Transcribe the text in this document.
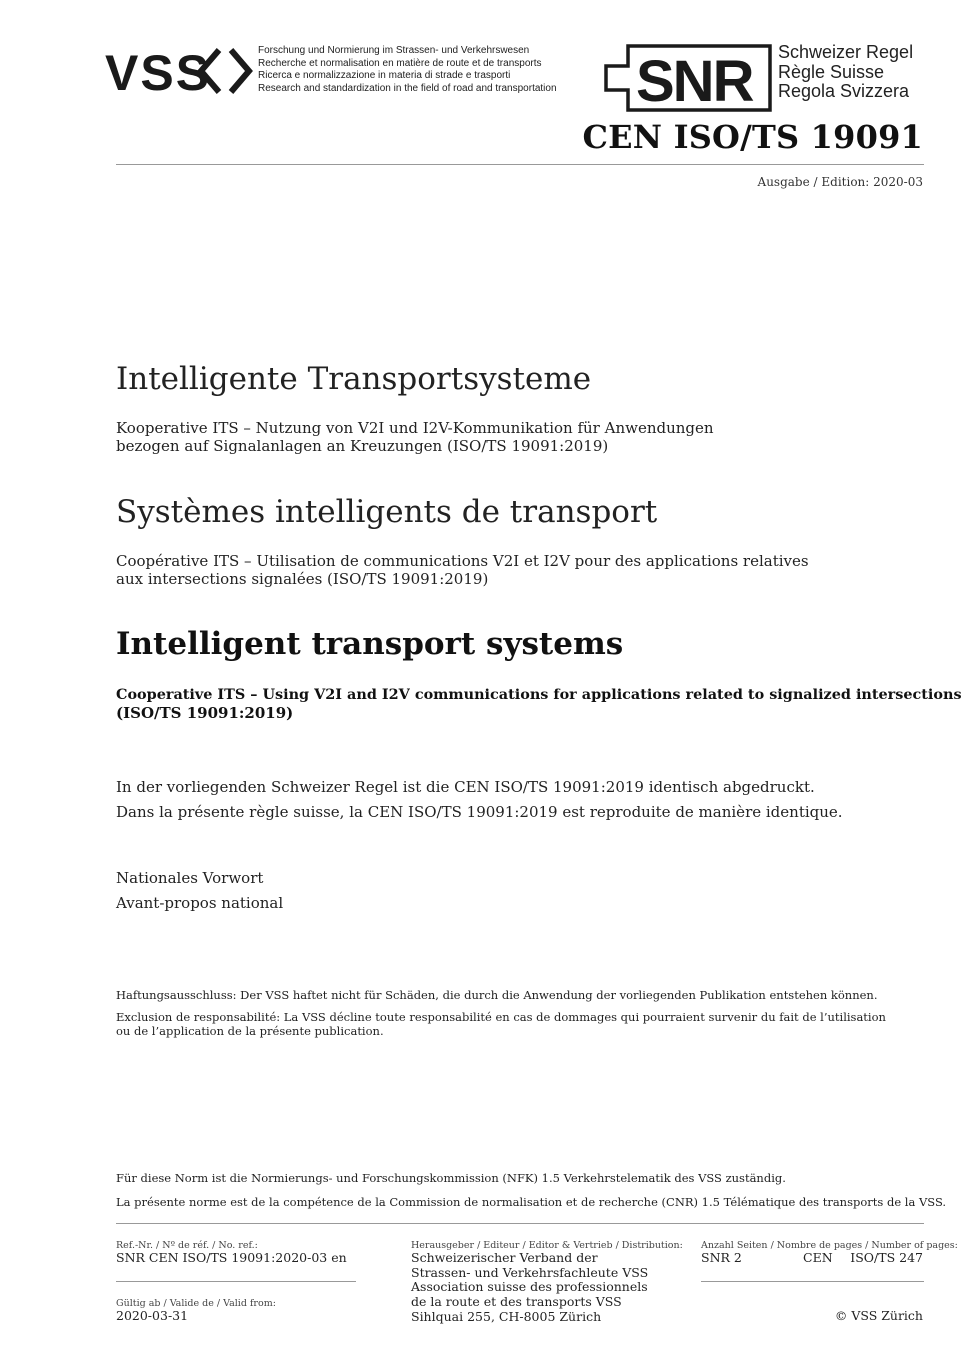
VSS	Forschung und Normierung im Strassen- und Verkehrswesen
Recherche et normalisation en matière de route et de transports
Ricerca e normalizzazione in materia di strade e trasporti
Research and standardization in the field of road and transportation SNR Schweizer Regel
Règle Suisse
Regola Svizzera
CEN ISO/TS 19091
Ausgabe / Edition: 2020-03
Intelligente Transportsysteme
Kooperative ITS – Nutzung von V2I und I2V-Kommunikation für Anwendungen
bezogen auf Signalanlagen an Kreuzungen (ISO/TS 19091:2019)
Systèmes intelligents de transport
Coopérative ITS – Utilisation de communications V2I et I2V pour des applications relatives
aux intersections signalées (ISO/TS 19091:2019)
Intelligent transport systems
Cooperative ITS – Using V2I and I2V communications for applications related to signalized intersections
(ISO/TS 19091:2019)
In der vorliegenden Schweizer Regel ist die CEN ISO/TS 19091:2019 identisch abgedruckt.
Dans la présente règle suisse, la CEN ISO/TS 19091:2019 est reproduite de manière identique.
Nationales Vorwort
Avant-propos national
Haftungsausschluss: Der VSS haftet nicht für Schäden, die durch die Anwendung der vorliegenden Publikation entstehen können.
Exclusion de responsabilité: La VSS décline toute responsabilité en cas de dommages qui pourraient survenir du fait de l’utilisation
ou de l’application de la présente publication.
Für diese Norm ist die Normierungs- und Forschungskommission (NFK) 1.5 Verkehrstelematik des VSS zuständig.
La présente norme est de la compétence de la Commission de normalisation et de recherche (CNR) 1.5 Télématique des transports de la VSS.
Ref.-Nr. / Nº de réf. / No. ref.:
SNR CEN ISO/TS 19091:2020-03 en
Gültig ab / Valide de / Valid from:
2020-03-31
Herausgeber / Editeur / Editor & Vertrieb / Distribution:
Schweizerischer Verband der
Strassen- und Verkehrsfachleute VSS
Association suisse des professionnels
de la route et des transports VSS
Sihlquai 255, CH-8005 Zürich
Anzahl Seiten / Nombre de pages / Number of pages:
SNR 2	CEN ISO/TS 247
© VSS Zürich
